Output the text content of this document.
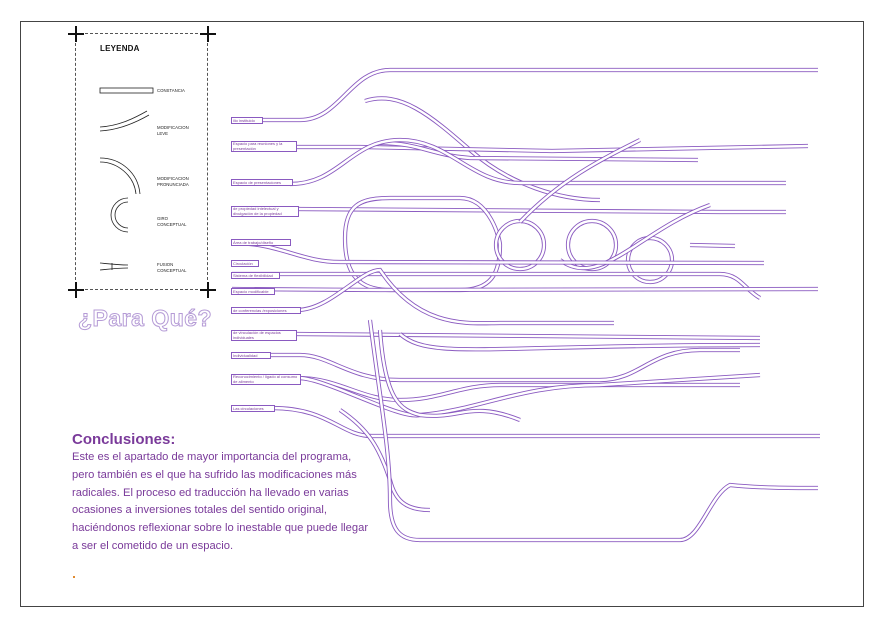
LEYENDA
CONSTANCIA
MODIFICACION LEVE
MODIFICACION PRONUNCIADA
GIRO CONCEPTUAL
FUSION CONCEPTUAL
¿Para Qué?
ilio instituido
Espacio para reuniones y la presentación
Espacio de presentaciones
de propiedad intelectual y divulgación de la propiedad
Área de trabajo/diseño
Circulación
Sistema de flexibilidad
Espacio modificable
de conferencias /exposiciones
de vinculación de espacios individuales
Individualidad
Reconocimiento / ligado al consumo de alimento
Las circulaciones
Conclusiones:
Este es el apartado de mayor importancia del programa, pero también es el que ha sufrido las modificaciones más radicales. El proceso ed traducción ha llevado en varias ocasiones a inversiones totales del sentido original, haciéndonos reflexionar sobre lo inestable que puede llegar a ser el cometido de un espacio.
